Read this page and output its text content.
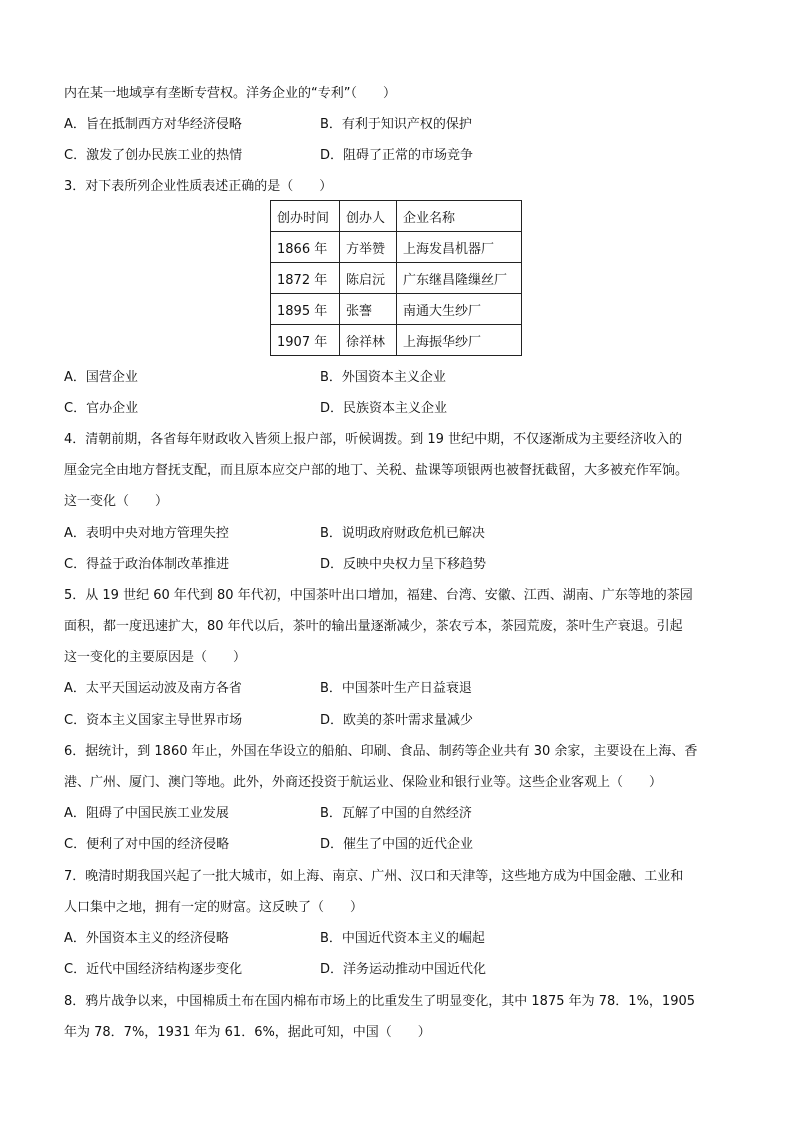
内在某一地域享有垄断专营权。洋务企业的“专利”（　　）
A．旨在抵制西方对华经济侵略	B．有利于知识产权的保护
C．激发了创办民族工业的热情	D．阻碍了正常的市场竞争
3．对下表所列企业性质表述正确的是（　　）
创办时间	创办人	企业名称
1866 年	方举赞	上海发昌机器厂
1872 年	陈启沅	广东继昌隆缫丝厂
1895 年	张謇	南通大生纱厂
1907 年	徐祥林	上海振华纱厂
A．国营企业	B．外国资本主义企业
C．官办企业	D．民族资本主义企业
4．清朝前期，各省每年财政收入皆须上报户部，听候调拨。到 19 世纪中期，不仅逐渐成为主要经济收入的
厘金完全由地方督抚支配，而且原本应交户部的地丁、关税、盐课等项银两也被督抚截留，大多被充作军饷。
这一变化（　　）
A．表明中央对地方管理失控	B．说明政府财政危机已解决
C．得益于政治体制改革推进	D．反映中央权力呈下移趋势
5．从 19 世纪 60 年代到 80 年代初，中国茶叶出口增加，福建、台湾、安徽、江西、湖南、广东等地的茶园
面积，都一度迅速扩大，80 年代以后，茶叶的输出量逐渐减少，茶农亏本，茶园荒废，茶叶生产衰退。引起
这一变化的主要原因是（　　）
A．太平天国运动波及南方各省	B．中国茶叶生产日益衰退
C．资本主义国家主导世界市场	D．欧美的茶叶需求量减少
6．据统计，到 1860 年止，外国在华设立的船舶、印刷、食品、制药等企业共有 30 余家，主要设在上海、香
港、广州、厦门、澳门等地。此外，外商还投资于航运业、保险业和银行业等。这些企业客观上（　　）
A．阻碍了中国民族工业发展	B．瓦解了中国的自然经济
C．便利了对中国的经济侵略	D．催生了中国的近代企业
7．晚清时期我国兴起了一批大城市，如上海、南京、广州、汉口和天津等，这些地方成为中国金融、工业和
人口集中之地，拥有一定的财富。这反映了（　　）
A．外国资本主义的经济侵略	B．中国近代资本主义的崛起
C．近代中国经济结构逐步变化	D．洋务运动推动中国近代化
8．鸦片战争以来，中国棉质土布在国内棉布市场上的比重发生了明显变化，其中 1875 年为 78．1%，1905
年为 78．7%，1931 年为 61．6%，据此可知，中国（　　）
